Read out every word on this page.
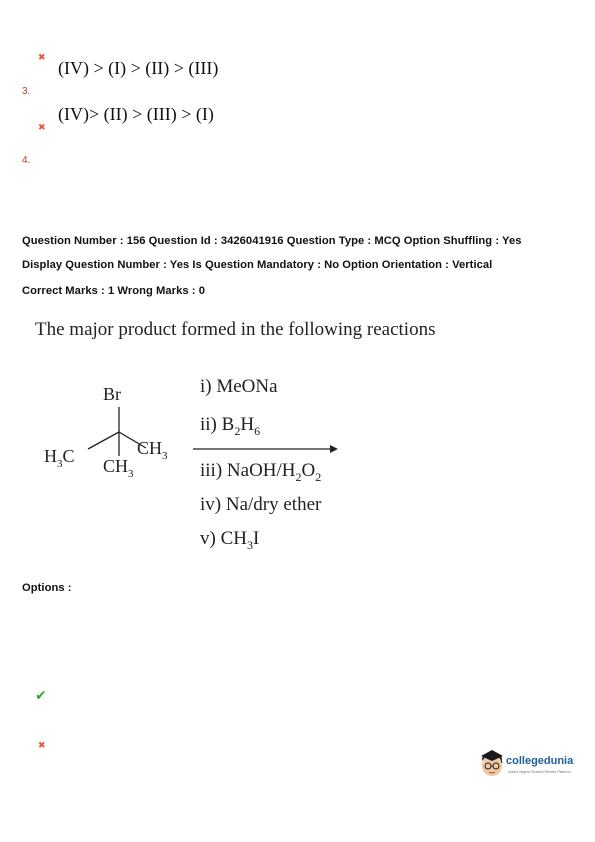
✖
(IV) > (I) > (II) > (III)
3.
(IV)> (II) > (III) > (I)
✖
4.
Question Number : 156 Question Id : 3426041916 Question Type : MCQ Option Shuffling : Yes
Display Question Number : Yes Is Question Mandatory : No Option Orientation : Vertical
Correct Marks : 1 Wrong Marks : 0
The major product formed in the following reactions
Br
$H_3C$	$CH_3$
$CH_3$
i) MeONa
ii) $B_2H_6$
iii) NaOH/$H_2O_2$
iv) Na/dry ether
v) $CH_3I$
Options :
✔
✖
collegedunia
India's largest Student Review Platform
